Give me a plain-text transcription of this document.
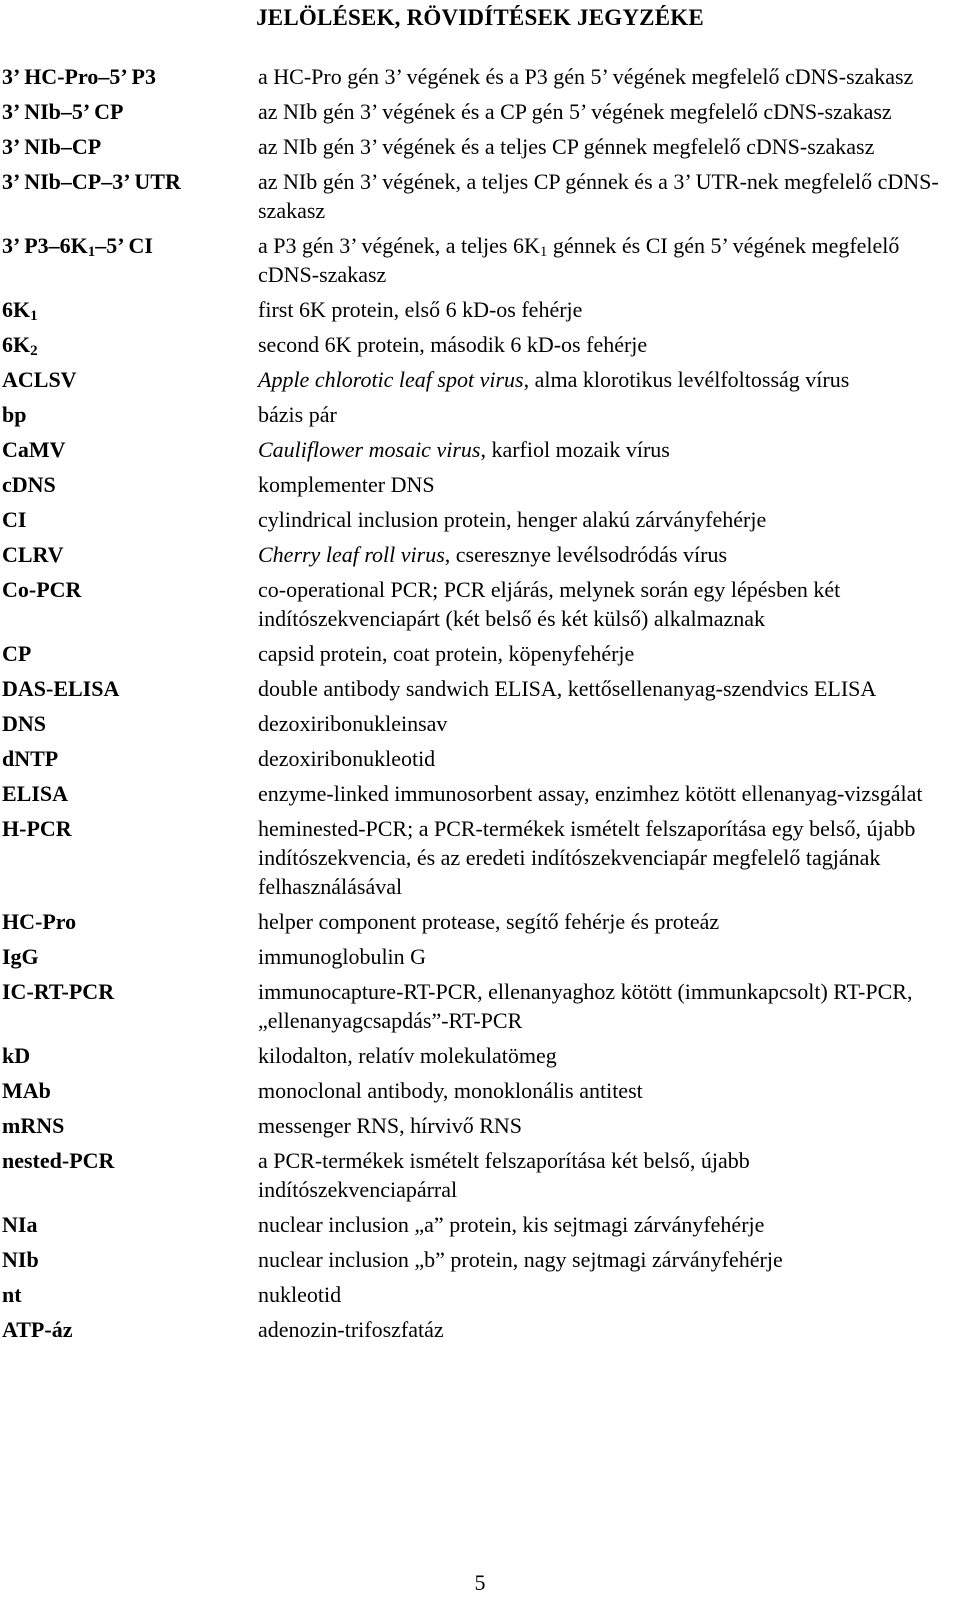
JELÖLÉSEK, RÖVIDÍTÉSEK JEGYZÉKE
3’ HC-Pro–5’ P3	a HC-Pro gén 3’ végének és a P3 gén 5’ végének megfelelő cDNS-szakasz
3’ NIb–5’ CP	az NIb gén 3’ végének és a CP gén 5’ végének megfelelő cDNS-szakasz
3’ NIb–CP	az NIb gén 3’ végének és a teljes CP génnek megfelelő cDNS-szakasz
3’ NIb–CP–3’ UTR	az NIb gén 3’ végének, a teljes CP génnek és a 3’ UTR-nek megfelelő cDNS-szakasz
3’ $P3-6K_1-5$’ CI	a P3 gén 3’ végének, a teljes $6K_1$ génnek és CI gén 5’ végének megfelelő cDNS-szakasz
$6K_1$	first 6K protein, első 6 kD-os fehérje
$6K_2$	second 6K protein, második 6 kD-os fehérje
ACLSV	Apple chlorotic leaf spot virus, alma klorotikus levélfoltosság vírus
bp	bázis pár
CaMV	Cauliflower mosaic virus, karfiol mozaik vírus
cDNS	komplementer DNS
CI	cylindrical inclusion protein, henger alakú zárványfehérje
CLRV	Cherry leaf roll virus, cseresznye levélsodródás vírus
Co-PCR	co-operational PCR; PCR eljárás, melynek során egy lépésben két indítószekvenciapárt (két belső és két külső) alkalmaznak
CP	capsid protein, coat protein, köpenyfehérje
DAS-ELISA	double antibody sandwich ELISA, kettősellenanyag-szendvics ELISA
DNS	dezoxiribonukleinsav
dNTP	dezoxiribonukleotid
ELISA	enzyme-linked immunosorbent assay, enzimhez kötött ellenanyag-vizsgálat
H-PCR	heminested-PCR; a PCR-termékek ismételt felszaporítása egy belső, újabb indítószekvencia, és az eredeti indítószekvenciapár megfelelő tagjának felhasználásával
HC-Pro	helper component protease, segítő fehérje és proteáz
IgG	immunoglobulin G
IC-RT-PCR	immunocapture-RT-PCR, ellenanyaghoz kötött (immunkapcsolt) RT-PCR, „ellenanyagcsapdás”-RT-PCR
kD	kilodalton, relatív molekulatömeg
MAb	monoclonal antibody, monoklonális antitest
mRNS	messenger RNS, hírvivő RNS
nested-PCR	a PCR-termékek ismételt felszaporítása két belső, újabb indítószekvenciapárral
NIa	nuclear inclusion „a” protein, kis sejtmagi zárványfehérje
NIb	nuclear inclusion „b” protein, nagy sejtmagi zárványfehérje
nt	nukleotid
ATP-áz	adenozin-trifoszfatáz
5
